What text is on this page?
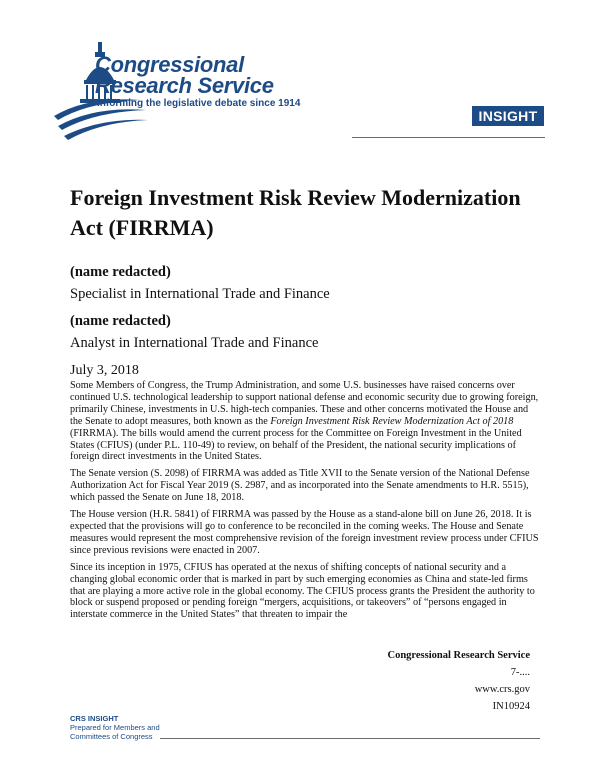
Congressional
Research Service
Informing the legislative debate since 1914
INSIGHT
Foreign Investment Risk Review Modernization Act (FIRRMA)
(name redacted)
Specialist in International Trade and Finance
(name redacted)
Analyst in International Trade and Finance
July 3, 2018

Some Members of Congress, the Trump Administration, and some U.S. businesses have raised concerns over continued U.S. technological leadership to support national defense and economic security due to growing foreign, primarily Chinese, investments in U.S. high-tech companies. These and other concerns motivated the House and the Senate to adopt measures, both known as the Foreign Investment Risk Review Modernization Act of 2018 (FIRRMA). The bills would amend the current process for the Committee on Foreign Investment in the United States (CFIUS) (under P.L. 110-49) to review, on behalf of the President, the national security implications of foreign direct investments in the United States.

The Senate version (S. 2098) of FIRRMA was added as Title XVII to the Senate version of the National Defense Authorization Act for Fiscal Year 2019 (S. 2987, and as incorporated into the Senate amendments to H.R. 5515), which passed the Senate on June 18, 2018.

The House version (H.R. 5841) of FIRRMA was passed by the House as a stand-alone bill on June 26, 2018. It is expected that the provisions will go to conference to be reconciled in the coming weeks. The House and Senate measures would represent the most comprehensive revision of the foreign investment review process under CFIUS since previous revisions were enacted in 2007.

Since its inception in 1975, CFIUS has operated at the nexus of shifting concepts of national security and a changing global economic order that is marked in part by such emerging economies as China and state-led firms that are playing a more active role in the global economy. The CFIUS process grants the President the authority to block or suspend proposed or pending foreign “mergers, acquisitions, or takeovers” of “persons engaged in interstate commerce in the United States” that threaten to impair the

Congressional Research Service
7-....
www.crs.gov
IN10924
CRS INSIGHT
Prepared for Members and
Committees of Congress
